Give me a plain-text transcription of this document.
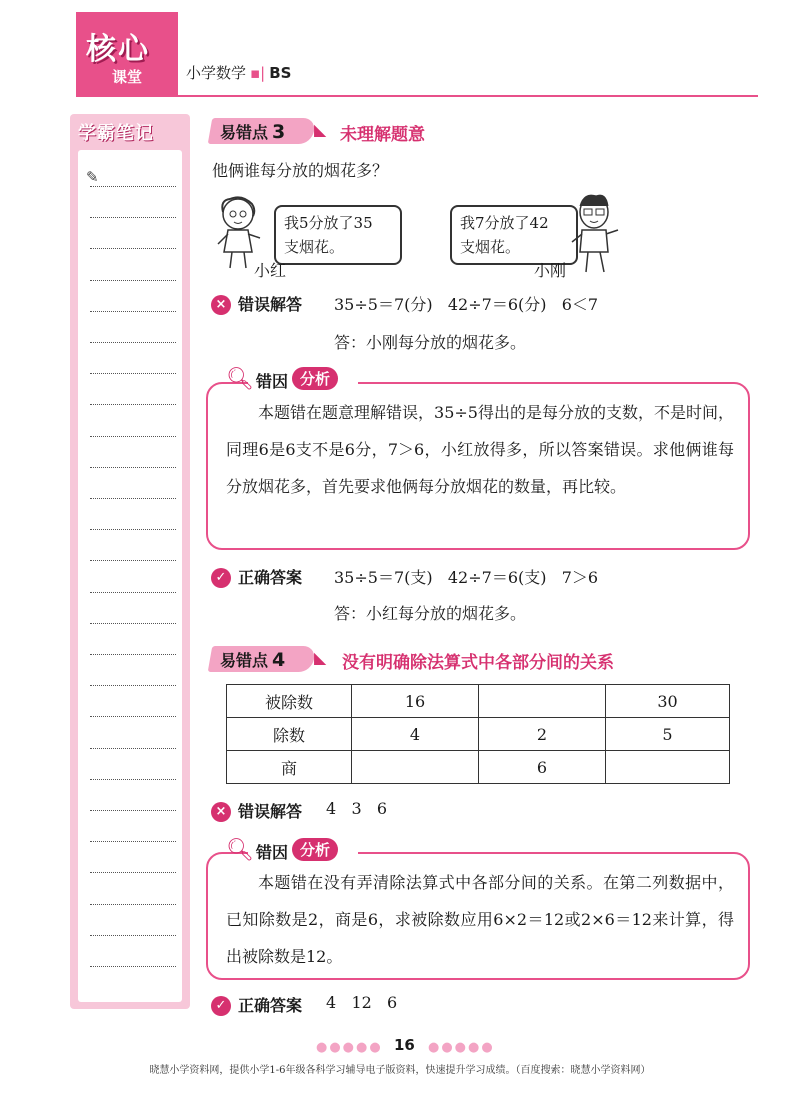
核心
课堂	小学数学 ▪| BS
学霸笔记
✎
易错点 3 ◣ 未理解题意
他俩谁每分放的烟花多？

我5分放了35

支烟花。

小红

我7分放了42

支烟花。

小刚
× 错误解答 35÷5＝7(分)   42÷7＝6(分)   6＜7
答：小刚每分放的烟花多。
本题错在题意理解错误，35÷5得出的是每分放的支数，不是时间，同理6是6支不是6分，7＞6，小红放得多，所以答案错误。求他俩谁每分放烟花多，首先要求他俩每分放烟花的数量，再比较。
🔍︎ 错因 分析
✓ 正确答案 35÷5＝7(支)   42÷7＝6(支)   7＞6
答：小红每分放的烟花多。
易错点 4 ◣ 没有明确除法算式中各部分间的关系
被除数	16		30
除数	4	2	5
商		6	
× 错误解答 4   3   6
本题错在没有弄清除法算式中各部分间的关系。在第二列数据中，已知除数是2，商是6，求被除数应用6×2＝12或2×6＝12来计算，得出被除数是12。
🔍︎ 错因 分析
✓ 正确答案 4   12   6
●●●●● 16 ●●●●●
晓慧小学资料网，提供小学1-6年级各科学习辅导电子版资料，快速提升学习成绩。（百度搜索：晓慧小学资料网）
